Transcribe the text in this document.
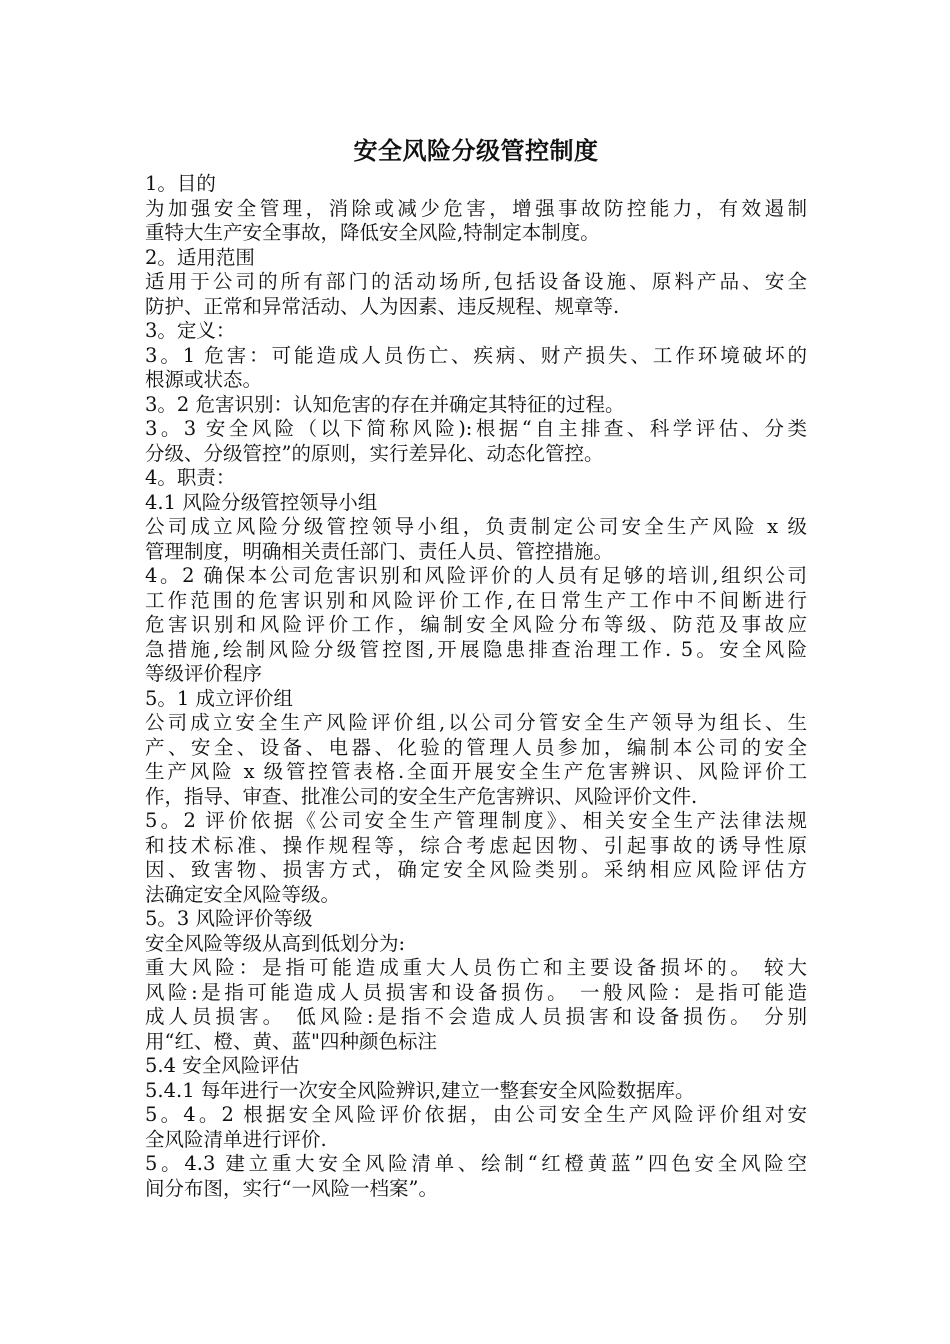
安全风险分级管控制度
1。目的
为加强安全管理，消除或减少危害，增强事故防控能力，有效遏制
重特大生产安全事故，降低安全风险,特制定本制度。
2。适用范围
适用于公司的所有部门的活动场所,包括设备设施、原料产品、安全
防护、正常和异常活动、人为因素、违反规程、规章等.
3。定义：
3。1 危害：可能造成人员伤亡、疾病、财产损失、工作环境破坏的
根源或状态。
3。2 危害识别：认知危害的存在并确定其特征的过程。
3。3 安全风险（以下简称风险):根据“自主排查、科学评估、分类
分级、分级管控”的原则，实行差异化、动态化管控。
4。职责：
4.1 风险分级管控领导小组
公司成立风险分级管控领导小组，负责制定公司安全生产风险 x 级
管理制度，明确相关责任部门、责任人员、管控措施。
4。2 确保本公司危害识别和风险评价的人员有足够的培训,组织公司
工作范围的危害识别和风险评价工作,在日常生产工作中不间断进行
危害识别和风险评价工作，编制安全风险分布等级、防范及事故应
急措施,绘制风险分级管控图,开展隐患排查治理工作. 5。安全风险
等级评价程序
5。1 成立评价组
公司成立安全生产风险评价组,以公司分管安全生产领导为组长、生
产、安全、设备、电器、化验的管理人员参加，编制本公司的安全
生产风险 x 级管控管表格.全面开展安全生产危害辨识、风险评价工
作，指导、审查、批准公司的安全生产危害辨识、风险评价文件.
5。2 评价依据《公司安全生产管理制度》、相关安全生产法律法规
和技术标准、操作规程等，综合考虑起因物、引起事故的诱导性原
因、致害物、损害方式，确定安全风险类别。采纳相应风险评估方
法确定安全风险等级。
5。3 风险评价等级
安全风险等级从高到低划分为:
重大风险：是指可能造成重大人员伤亡和主要设备损坏的。 较大
风险:是指可能造成人员损害和设备损伤。 一般风险：是指可能造
成人员损害。 低风险:是指不会造成人员损害和设备损伤。 分别
用“红、橙、黄、蓝"四种颜色标注
5.4 安全风险评估
5.4.1 每年进行一次安全风险辨识,建立一整套安全风险数据库。
5。4。2 根据安全风险评价依据，由公司安全生产风险评价组对安
全风险清单进行评价.
5。4.3 建立重大安全风险清单、绘制“红橙黄蓝”四色安全风险空
间分布图，实行“一风险一档案”。
